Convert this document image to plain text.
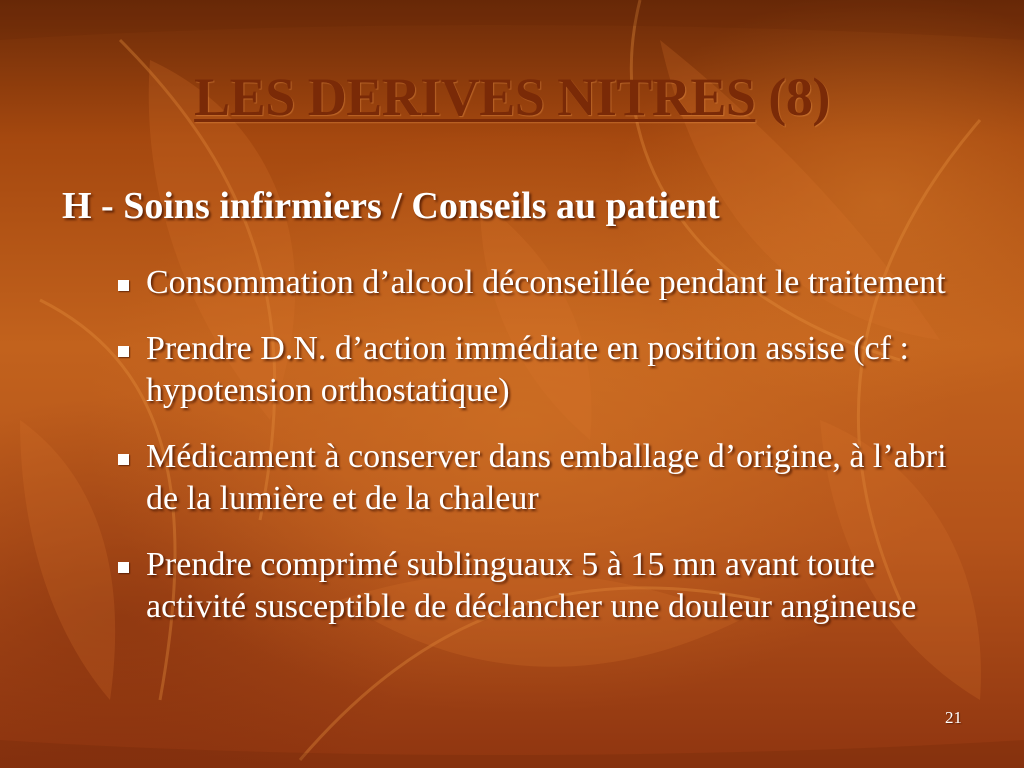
LES DERIVES NITRES (8)
H - Soins infirmiers / Conseils au patient
Consommation d’alcool déconseillée pendant le traitement
Prendre D.N. d’action immédiate en position assise (cf : hypotension orthostatique)
Médicament à conserver dans emballage d’origine, à l’abri de la lumière et de la chaleur
Prendre comprimé sublinguaux 5 à 15 mn avant toute activité susceptible de déclancher une douleur angineuse
21
